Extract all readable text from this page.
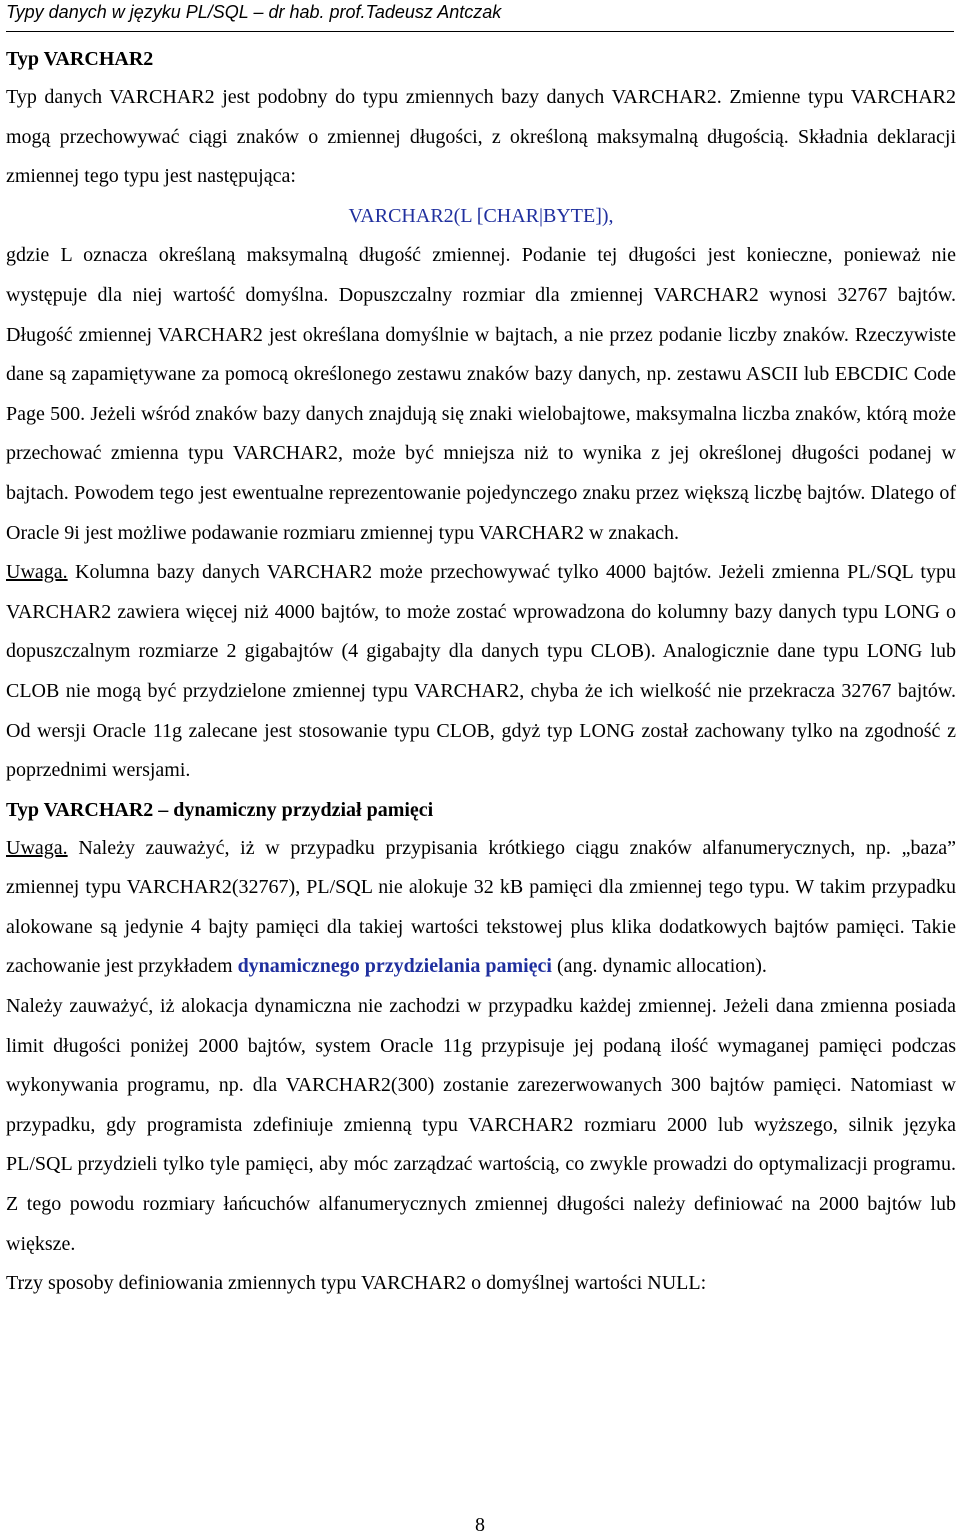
Typy danych w języku PL/SQL – dr hab. prof.Tadeusz Antczak
Typ VARCHAR2
Typ danych VARCHAR2 jest podobny do typu zmiennych bazy danych VARCHAR2. Zmienne typu VARCHAR2 mogą przechowywać ciągi znaków o zmiennej długości, z określoną maksymalną długością. Składnia deklaracji zmiennej tego typu jest następująca:
VARCHAR2(L [CHAR|BYTE]),
gdzie L oznacza określaną maksymalną długość zmiennej. Podanie tej długości jest konieczne, ponieważ nie występuje dla niej wartość domyślna. Dopuszczalny rozmiar dla zmiennej VARCHAR2 wynosi 32767 bajtów. Długość zmiennej VARCHAR2 jest określana domyślnie w bajtach, a nie przez podanie liczby znaków. Rzeczywiste dane są zapamiętywane za pomocą określonego zestawu znaków bazy danych, np. zestawu ASCII lub EBCDIC Code Page 500. Jeżeli wśród znaków bazy danych znajdują się znaki wielobajtowe, maksymalna liczba znaków, którą może przechować zmienna typu VARCHAR2, może być mniejsza niż to wynika z jej określonej długości podanej w bajtach. Powodem tego jest ewentualne reprezentowanie pojedynczego znaku przez większą liczbę bajtów. Dlatego of Oracle 9i jest możliwe podawanie rozmiaru zmiennej typu VARCHAR2 w znakach.
Uwaga. Kolumna bazy danych VARCHAR2 może przechowywać tylko 4000 bajtów. Jeżeli zmienna PL/SQL typu VARCHAR2 zawiera więcej niż 4000 bajtów, to może zostać wprowadzona do kolumny bazy danych typu LONG o dopuszczalnym rozmiarze 2 gigabajtów (4 gigabajty dla danych typu CLOB). Analogicznie dane typu LONG lub CLOB nie mogą być przydzielone zmiennej typu VARCHAR2, chyba że ich wielkość nie przekracza 32767 bajtów. Od wersji Oracle 11g zalecane jest stosowanie typu CLOB, gdyż typ LONG został zachowany tylko na zgodność z poprzednimi wersjami.
Typ VARCHAR2 – dynamiczny przydział pamięci
Uwaga. Należy zauważyć, iż w przypadku przypisania krótkiego ciągu znaków alfanumerycznych, np. „baza” zmiennej typu VARCHAR2(32767), PL/SQL nie alokuje 32 kB pamięci dla zmiennej tego typu. W takim przypadku alokowane są jedynie 4 bajty pamięci dla takiej wartości tekstowej plus klika dodatkowych bajtów pamięci. Takie zachowanie jest przykładem dynamicznego przydzielania pamięci (ang. dynamic allocation).
Należy zauważyć, iż alokacja dynamiczna nie zachodzi w przypadku każdej zmiennej. Jeżeli dana zmienna posiada limit długości poniżej 2000 bajtów, system Oracle 11g przypisuje jej podaną ilość wymaganej pamięci podczas wykonywania programu, np. dla VARCHAR2(300) zostanie zarezerwowanych 300 bajtów pamięci. Natomiast w przypadku, gdy programista zdefiniuje zmienną typu VARCHAR2 rozmiaru 2000 lub wyższego, silnik języka PL/SQL przydzieli tylko tyle pamięci, aby móc zarządzać wartością, co zwykle prowadzi do optymalizacji programu. Z tego powodu rozmiary łańcuchów alfanumerycznych zmiennej długości należy definiować na 2000 bajtów lub większe.
Trzy sposoby definiowania zmiennych typu VARCHAR2 o domyślnej wartości NULL:
8
